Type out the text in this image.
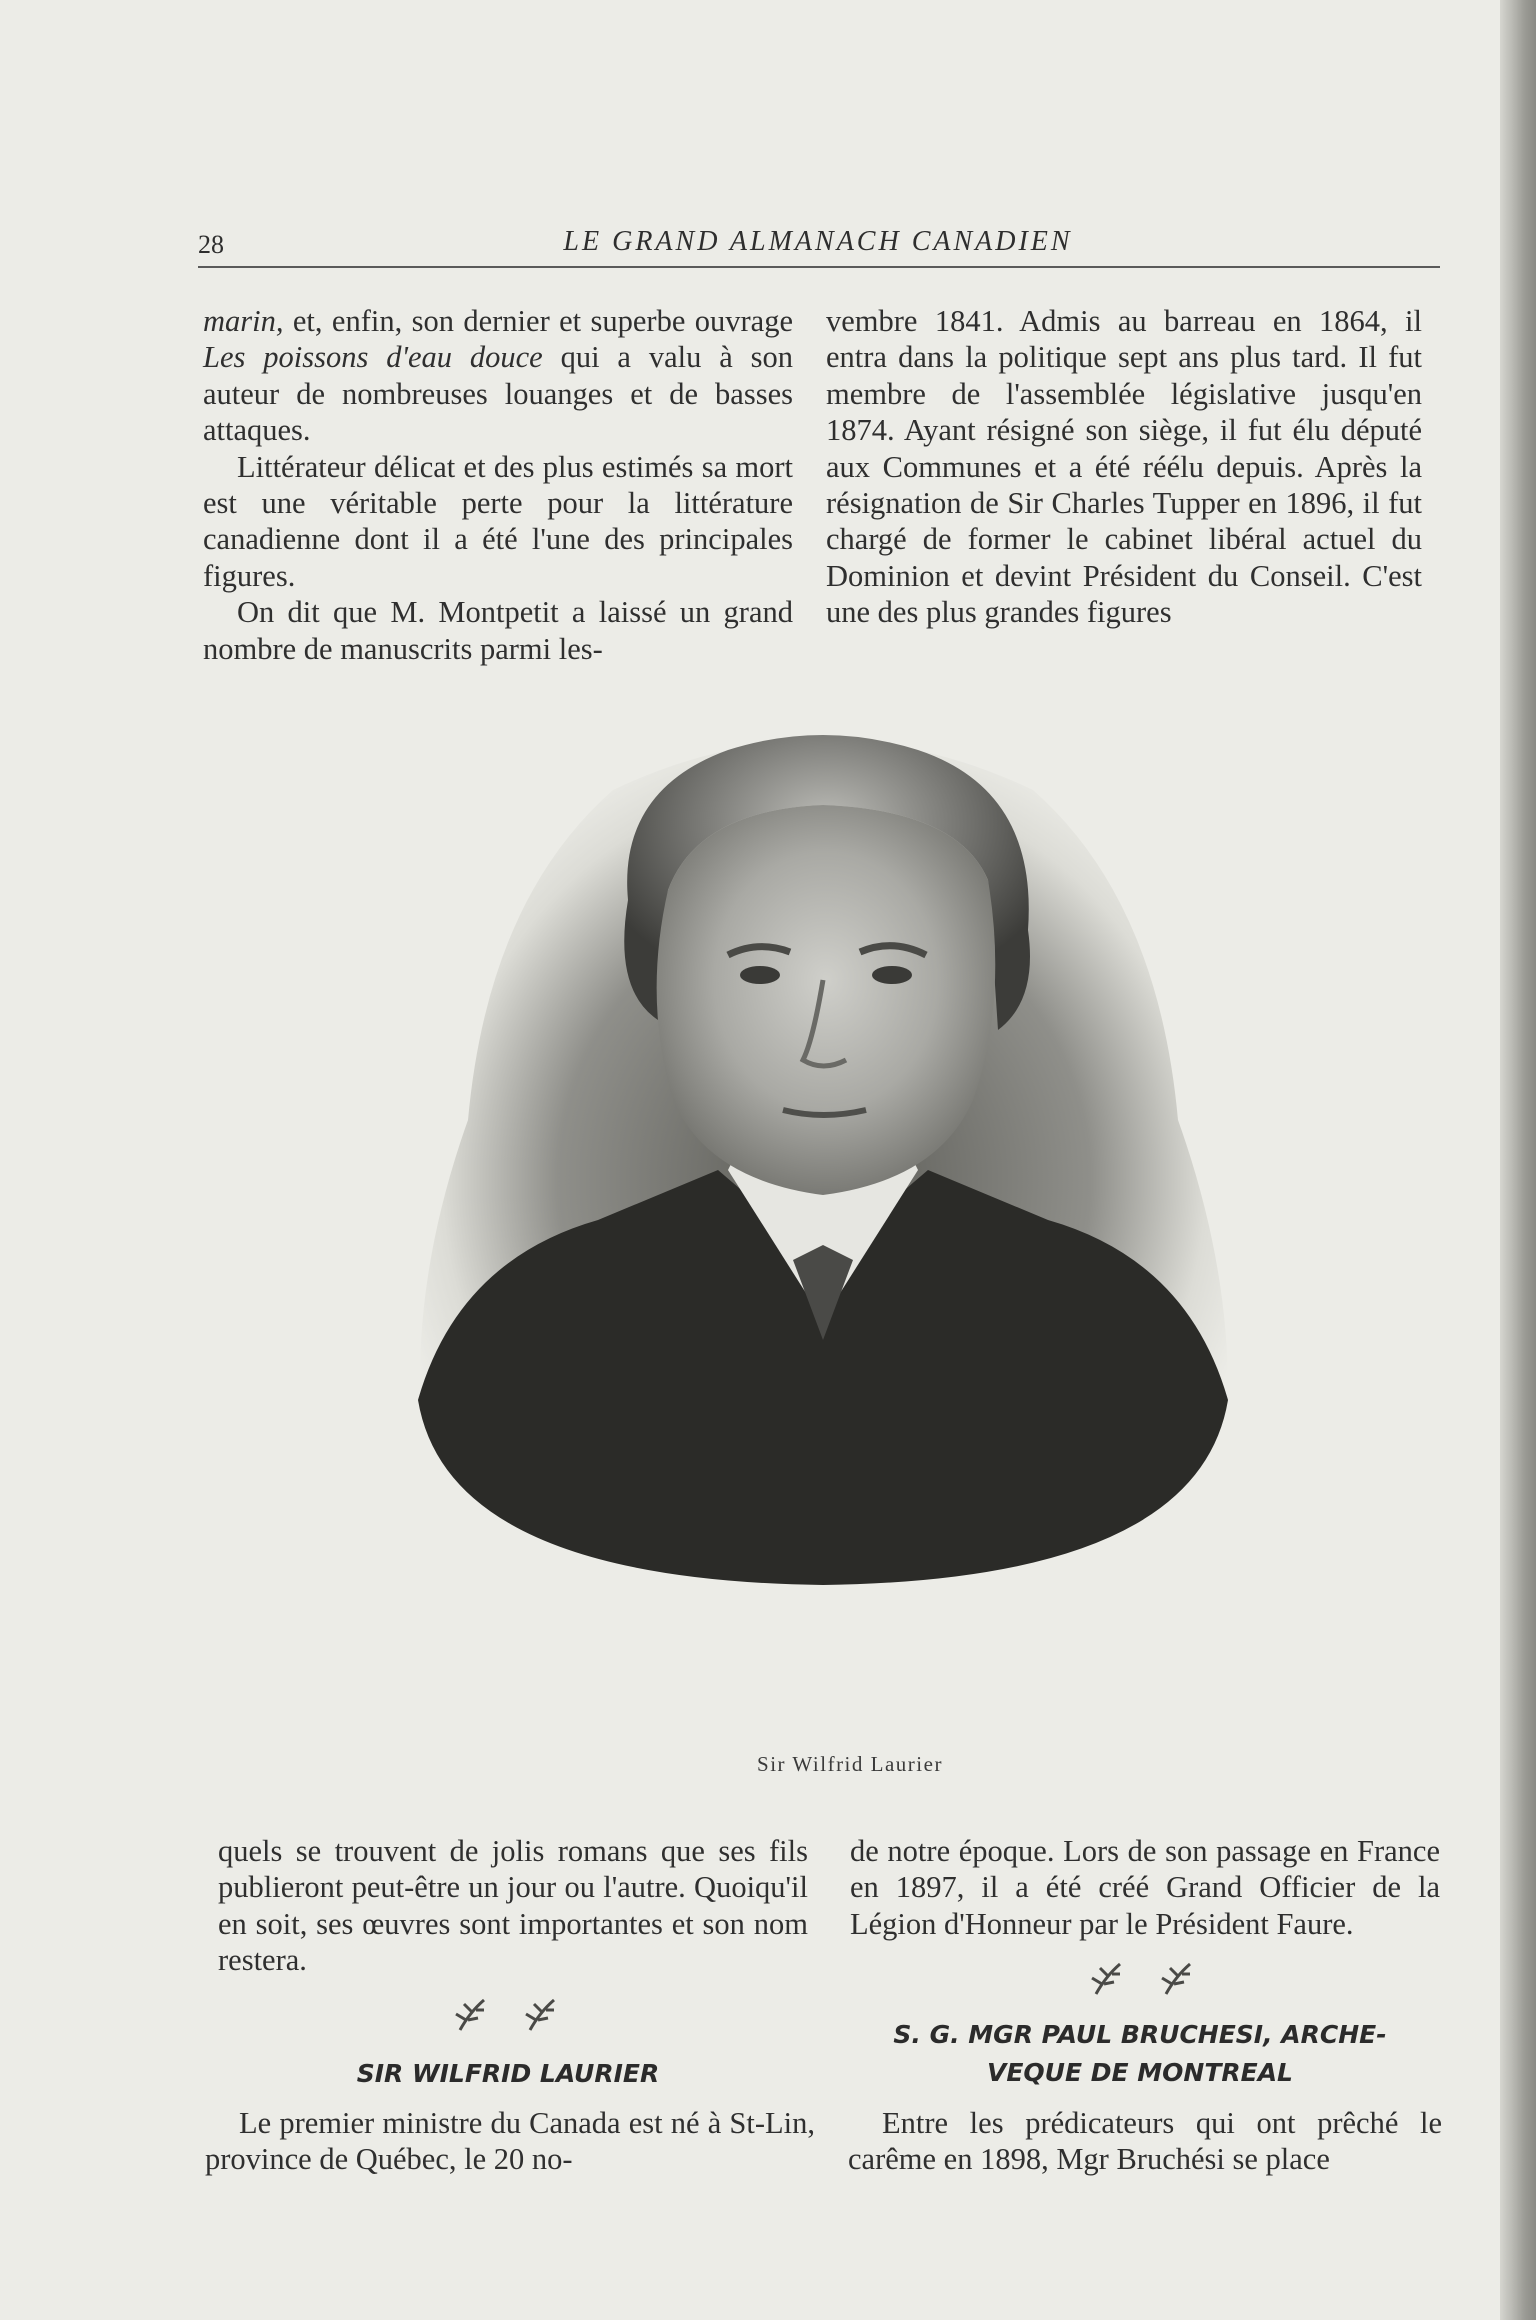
28	LE GRAND ALMANACH CANADIEN

marin, et, enfin, son dernier et superbe ouvrage Les poissons d'eau douce qui a valu à son auteur de nombreuses louanges et de basses attaques.

Littérateur délicat et des plus estimés sa mort est une véritable perte pour la littérature canadienne dont il a été l'une des principales figures.

On dit que M. Montpetit a laissé un grand nombre de manuscrits parmi les-

vembre 1841. Admis au barreau en 1864, il entra dans la politique sept ans plus tard. Il fut membre de l'assemblée législative jusqu'en 1874. Ayant résigné son siège, il fut élu député aux Communes et a été réélu depuis. Après la résignation de Sir Charles Tupper en 1896, il fut chargé de former le cabinet libéral actuel du Dominion et devint Président du Conseil. C'est une des plus grandes figures

Sir Wilfrid Laurier

quels se trouvent de jolis romans que ses fils publieront peut-être un jour ou l'autre. Quoiqu'il en soit, ses œuvres sont importantes et son nom restera.

SIR WILFRID LAURIER

Le premier ministre du Canada est né à St-Lin, province de Québec, le 20 no-

de notre époque. Lors de son passage en France en 1897, il a été créé Grand Officier de la Légion d'Honneur par le Président Faure.

S. G. MGR PAUL BRUCHESI, ARCHE-
VEQUE DE MONTREAL

Entre les prédicateurs qui ont prêché le carême en 1898, Mgr Bruchési se place
